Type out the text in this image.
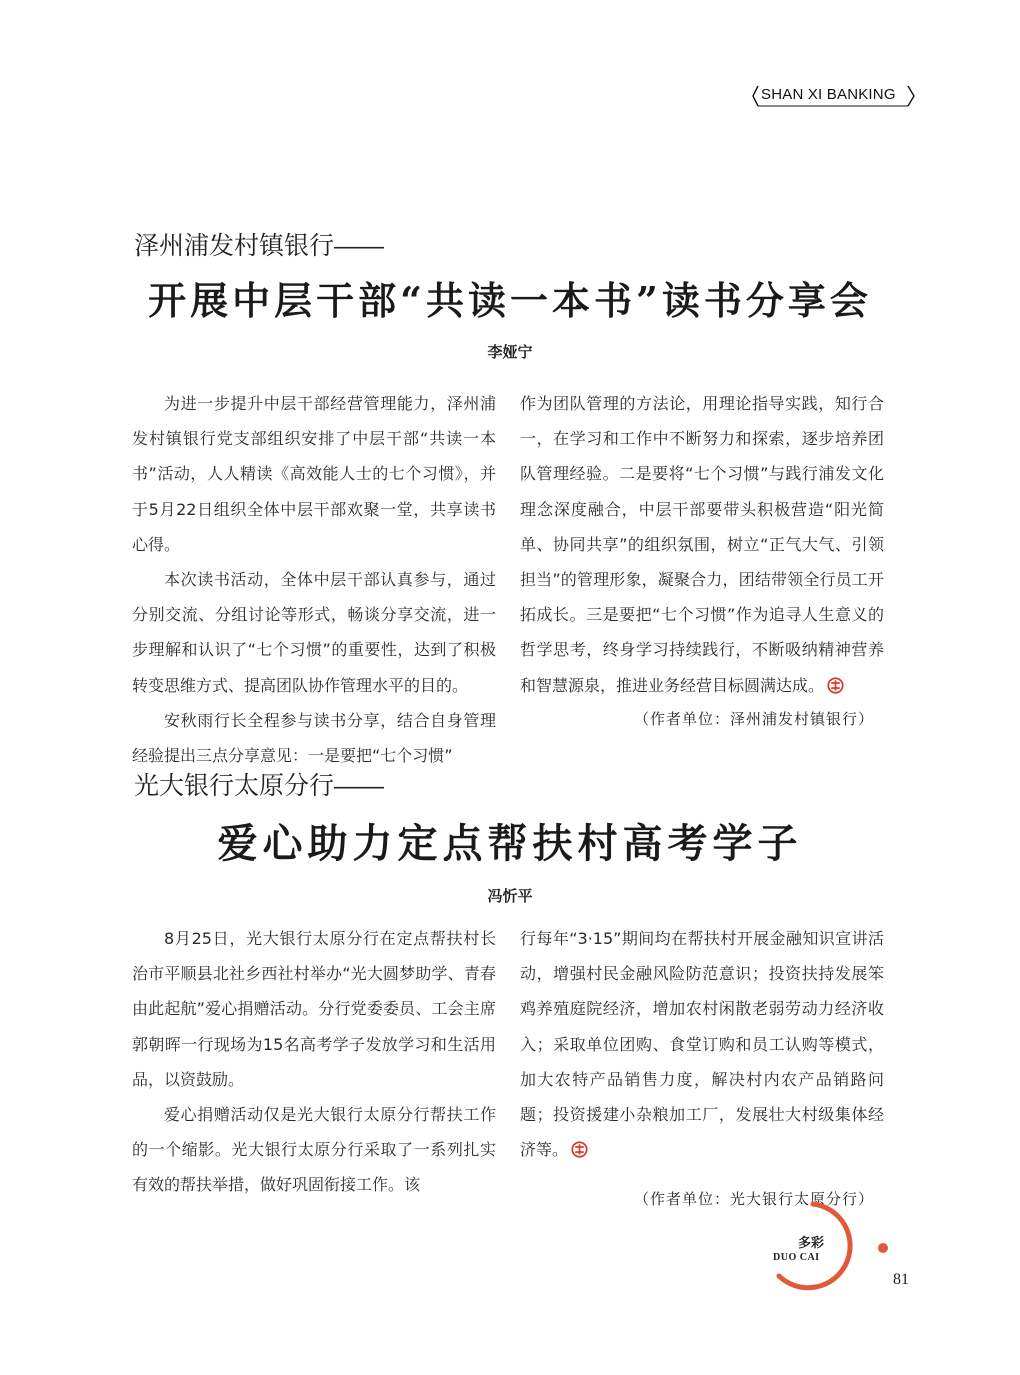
SHAN XI BANKING
泽州浦发村镇银行——
开展中层干部“共读一本书”读书分享会
李娅宁

为进一步提升中层干部经营管理能力，泽州浦发村镇银行党支部组织安排了中层干部“共读一本书”活动，人人精读《高效能人士的七个习惯》，并于5月22日组织全体中层干部欢聚一堂，共享读书心得。

本次读书活动，全体中层干部认真参与，通过分别交流、分组讨论等形式，畅谈分享交流，进一步理解和认识了“七个习惯”的重要性，达到了积极转变思维方式、提高团队协作管理水平的目的。

安秋雨行长全程参与读书分享，结合自身管理经验提出三点分享意见：一是要把“七个习惯”

作为团队管理的方法论，用理论指导实践，知行合一，在学习和工作中不断努力和探索，逐步培养团队管理经验。二是要将“七个习惯”与践行浦发文化理念深度融合，中层干部要带头积极营造“阳光简单、协同共享”的组织氛围，树立“正气大气、引领担当”的管理形象，凝聚合力，团结带领全行员工开拓成长。三是要把“七个习惯”作为追寻人生意义的哲学思考，终身学习持续践行，不断吸纳精神营养和智慧源泉，推进业务经营目标圆满达成。

（作者单位：泽州浦发村镇银行）
光大银行太原分行——
爱心助力定点帮扶村高考学子
冯忻平

8月25日，光大银行太原分行在定点帮扶村长治市平顺县北社乡西社村举办“光大圆梦助学、青春由此起航”爱心捐赠活动。分行党委委员、工会主席郭朝晖一行现场为15名高考学子发放学习和生活用品，以资鼓励。

爱心捐赠活动仅是光大银行太原分行帮扶工作的一个缩影。光大银行太原分行采取了一系列扎实有效的帮扶举措，做好巩固衔接工作。该

行每年“3·15”期间均在帮扶村开展金融知识宣讲活动，增强村民金融风险防范意识；投资扶持发展笨鸡养殖庭院经济，增加农村闲散老弱劳动力经济收入；采取单位团购、食堂订购和员工认购等模式，加大农特产品销售力度，解决村内农产品销路问题；投资援建小杂粮加工厂，发展壮大村级集体经济等。

（作者单位：光大银行太原分行）
多彩
DUO CAI
81
